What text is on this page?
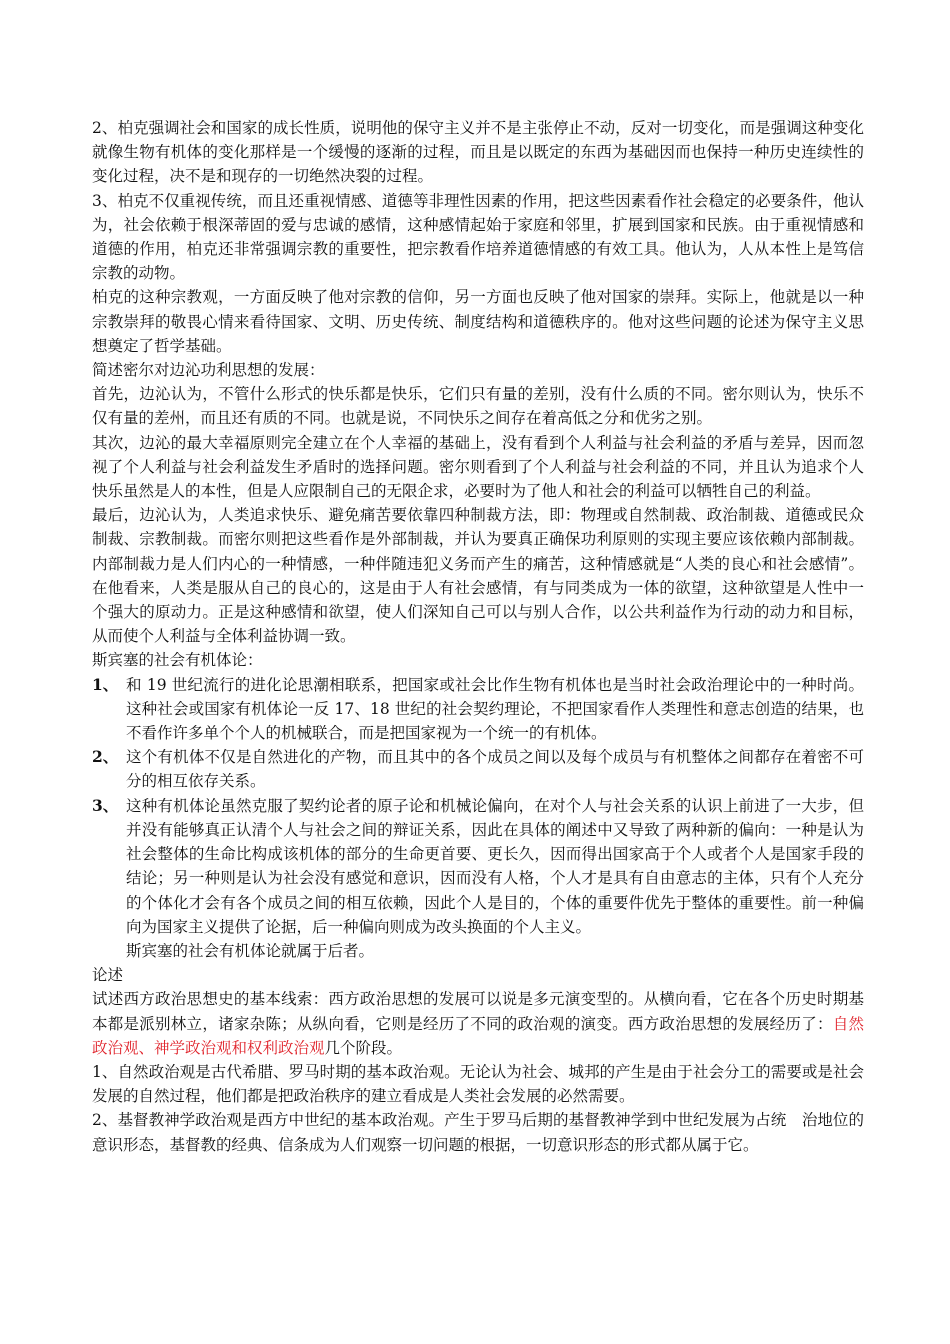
2、柏克强调社会和国家的成长性质，说明他的保守主义并不是主张停止不动，反对一切变化，而是强调这种变化就像生物有机体的变化那样是一个缓慢的逐渐的过程，而且是以既定的东西为基础因而也保持一种历史连续性的变化过程，决不是和现存的一切绝然决裂的过程。

3、柏克不仅重视传统，而且还重视情感、道德等非理性因素的作用，把这些因素看作社会稳定的必要条件，他认为，社会依赖于根深蒂固的爱与忠诚的感情，这种感情起始于家庭和邻里，扩展到国家和民族。由于重视情感和道德的作用，柏克还非常强调宗教的重要性，把宗教看作培养道德情感的有效工具。他认为，人从本性上是笃信宗教的动物。

柏克的这种宗教观，一方面反映了他对宗教的信仰，另一方面也反映了他对国家的崇拜。实际上，他就是以一种宗教崇拜的敬畏心情来看待国家、文明、历史传统、制度结构和道德秩序的。他对这些问题的论述为保守主义思想奠定了哲学基础。

简述密尔对边沁功利思想的发展：

首先，边沁认为，不管什么形式的快乐都是快乐，它们只有量的差别，没有什么质的不同。密尔则认为，快乐不仅有量的差州，而且还有质的不同。也就是说，不同快乐之间存在着高低之分和优劣之别。

其次，边沁的最大幸福原则完全建立在个人幸福的基础上，没有看到个人利益与社会利益的矛盾与差异，因而忽视了个人利益与社会利益发生矛盾时的选择问题。密尔则看到了个人利益与社会利益的不同，并且认为追求个人快乐虽然是人的本性，但是人应限制自己的无限企求，必要时为了他人和社会的利益可以牺牲自己的利益。

最后，边沁认为，人类追求快乐、避免痛苦要依靠四种制裁方法，即：物理或自然制裁、政治制裁、道德或民众制裁、宗教制裁。而密尔则把这些看作是外部制裁，并认为要真正确保功利原则的实现主要应该依赖内部制裁。内部制裁力是人们内心的一种情感，一种伴随违犯义务而产生的痛苦，这种情感就是“人类的良心和社会感情”。在他看来，人类是服从自己的良心的，这是由于人有社会感情，有与同类成为一体的欲望，这种欲望是人性中一个强大的原动力。正是这种感情和欲望，使人们深知自己可以与别人合作，以公共利益作为行动的动力和目标，从而使个人利益与全体利益协调一致。

斯宾塞的社会有机体论：

1、 和 19 世纪流行的进化论思潮相联系，把国家或社会比作生物有机体也是当时社会政治理论中的一种时尚。这种社会或国家有机体论一反 17、18 世纪的社会契约理论，不把国家看作人类理性和意志创造的结果，也不看作许多单个个人的机械联合，而是把国家视为一个统一的有机体。
2、 这个有机体不仅是自然进化的产物，而且其中的各个成员之间以及每个成员与有机整体之间都存在着密不可分的相互依存关系。
3、 这种有机体论虽然克服了契约论者的原子论和机械论偏向，在对个人与社会关系的认识上前进了一大步，但并没有能够真正认清个人与社会之间的辩证关系，因此在具体的阐述中又导致了两种新的偏向：一种是认为社会整体的生命比构成该机体的部分的生命更首要、更长久，因而得出国家高于个人或者个人是国家手段的结论；另一种则是认为社会没有感觉和意识，因而没有人格，个人才是具有自由意志的主体，只有个人充分的个体化才会有各个成员之间的相互依赖，因此个人是目的，个体的重要件优先于整体的重要性。前一种偏向为国家主义提供了论据，后一种偏向则成为改头换面的个人主义。

斯宾塞的社会有机体论就属于后者。

论述

试述西方政治思想史的基本线索：西方政治思想的发展可以说是多元演变型的。从横向看，它在各个历史时期基本都是派别林立，诸家杂陈；从纵向看，它则是经历了不同的政治观的演变。西方政治思想的发展经历了：自然政治观、神学政治观和权利政治观几个阶段。

1、自然政治观是古代希腊、罗马时期的基本政治观。无论认为社会、城邦的产生是由于社会分工的需要或是社会发展的自然过程，他们都是把政治秩序的建立看成是人类社会发展的必然需要。

2、基督教神学政治观是西方中世纪的基本政治观。产生于罗马后期的基督教神学到中世纪发展为占统　治地位的意识形态，基督教的经典、信条成为人们观察一切问题的根据，一切意识形态的形式都从属于它。
